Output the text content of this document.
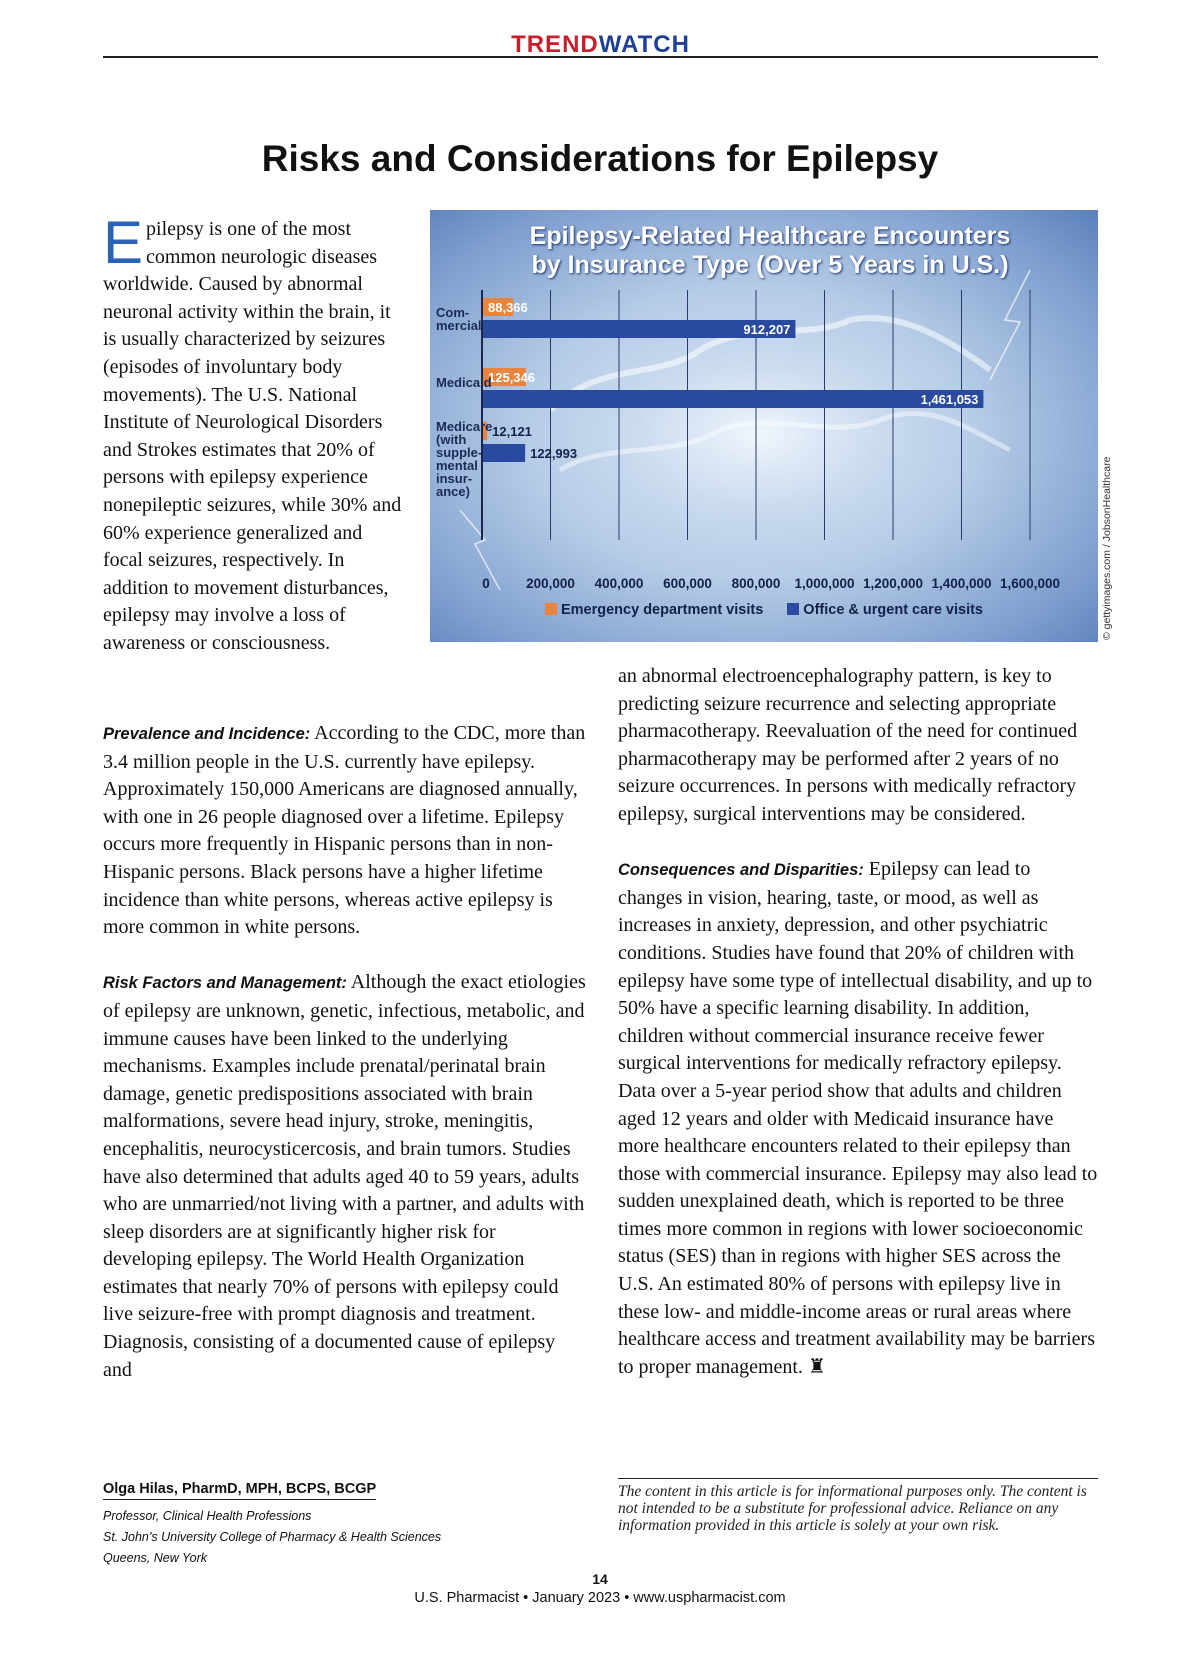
TRENDWATCH
Risks and Considerations for Epilepsy
Epilepsy is one of the most common neurologic diseases worldwide. Caused by abnormal neuronal activity within the brain, it is usually characterized by seizures (episodes of involuntary body movements). The U.S. National Institute of Neurological Disorders and Strokes estimates that 20% of persons with epilepsy experience nonepileptic seizures, while 30% and 60% experience generalized and focal seizures, respectively. In addition to movement disturbances, epilepsy may involve a loss of awareness or consciousness.
88,366
912,207
125,346
1,461,053
12,121
122,993
Epilepsy-Related Healthcare Encounters
by Insurance Type (Over 5 Years in U.S.)
Com-
mercial
Medicaid
Medicare
(with
supple-
mental
insur-
ance)
0	200,000 400,000 600,000 800,000 1,000,000 1,200,000 1,400,000 1,600,000
Emergency department visits	Office & urgent care visits	© gettyimages.com / JobsonHealthcare

Prevalence and Incidence: According to the CDC, more than 3.4 million people in the U.S. currently have epilepsy. Approximately 150,000 Americans are diagnosed annually, with one in 26 people diagnosed over a lifetime. Epilepsy occurs more frequently in Hispanic persons than in non-Hispanic persons. Black persons have a higher lifetime incidence than white persons, whereas active epilepsy is more common in white persons.

Risk Factors and Management: Although the exact etiologies of epilepsy are unknown, genetic, infectious, metabolic, and immune causes have been linked to the underlying mechanisms. Examples include prenatal/perinatal brain damage, genetic predispositions associated with brain malformations, severe head injury, stroke, meningitis, encephalitis, neurocysticercosis, and brain tumors. Studies have also determined that adults aged 40 to 59 years, adults who are unmarried/not living with a partner, and adults with sleep disorders are at significantly higher risk for developing epilepsy. The World Health Organization estimates that nearly 70% of persons with epilepsy could live seizure-free with prompt diagnosis and treatment. Diagnosis, consisting of a documented cause of epilepsy and

an abnormal electroencephalography pattern, is key to predicting seizure recurrence and selecting appropriate pharmacotherapy. Reevaluation of the need for continued pharmacotherapy may be performed after 2 years of no seizure occurrences. In persons with medically refractory epilepsy, surgical interventions may be considered.

Consequences and Disparities: Epilepsy can lead to changes in vision, hearing, taste, or mood, as well as increases in anxiety, depression, and other psychiatric conditions. Studies have found that 20% of children with epilepsy have some type of intellectual disability, and up to 50% have a specific learning disability. In addition, children without commercial insurance receive fewer surgical interventions for medically refractory epilepsy. Data over a 5-year period show that adults and children aged 12 years and older with Medicaid insurance have more healthcare encounters related to their epilepsy than those with commercial insurance. Epilepsy may also lead to sudden unexplained death, which is reported to be three times more common in regions with lower socioeconomic status (SES) than in regions with higher SES across the U.S. An estimated 80% of persons with epilepsy live in these low- and middle-income areas or rural areas where healthcare access and treatment availability may be barriers to proper management. ♜

Olga Hilas, PharmD, MPH, BCPS, BCGP
Professor, Clinical Health Professions
St. John’s University College of Pharmacy & Health Sciences
Queens, New York
The content in this article is for informational purposes only. The content is not intended to be a substitute for professional advice. Reliance on any information provided in this article is solely at your own risk.
14
U.S. Pharmacist • January 2023 • www.uspharmacist.com
